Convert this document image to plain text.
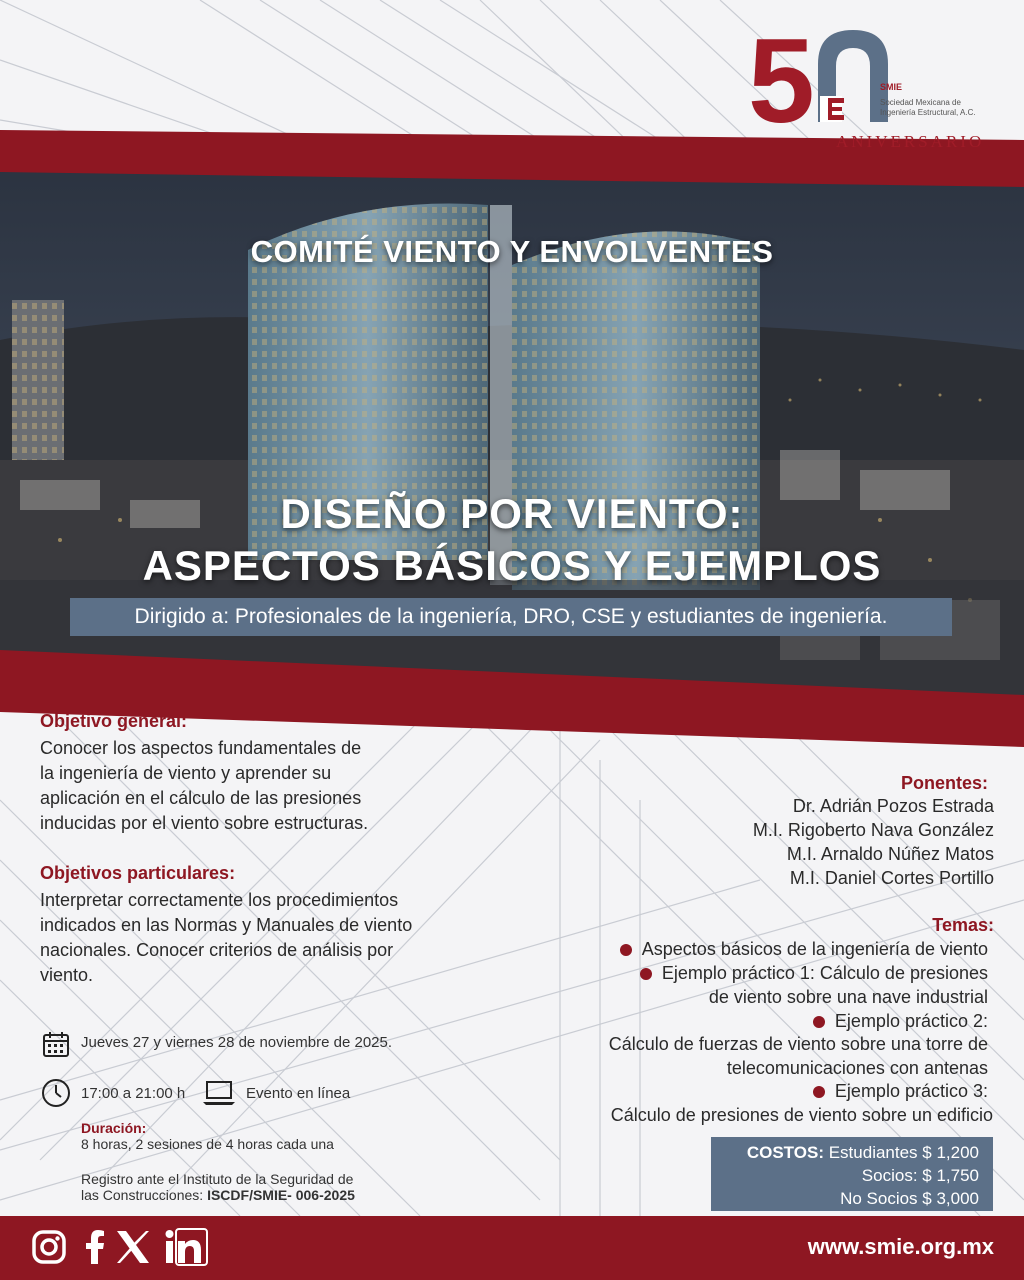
5	SMIE
Sociedad Mexicana de
Ingeniería Estructural, A.C.
ANIVERSARIO
COMITÉ VIENTO Y ENVOLVENTES
DISEÑO POR VIENTO:
ASPECTOS BÁSICOS Y EJEMPLOS
Dirigido a: Profesionales de la ingeniería, DRO, CSE y estudiantes de ingeniería.
Objetivo general:
Conocer los aspectos fundamentales de
la ingeniería de viento y aprender su
aplicación en el cálculo de las presiones
inducidas por el viento sobre estructuras.
Objetivos particulares:
Interpretar correctamente los procedimientos
indicados en las Normas y Manuales de viento
nacionales. Conocer criterios de análisis por
viento.
Jueves 27 y viernes 28 de noviembre de 2025.
17:00 a 21:00 h	Evento en línea
Duración:
8 horas, 2 sesiones de 4 horas cada una
Registro ante el Instituto de la Seguridad de
las Construcciones: ISCDF/SMIE- 006-2025
Ponentes:
Dr. Adrián Pozos Estrada
M.I. Rigoberto Nava González
M.I. Arnaldo Núñez Matos
M.I. Daniel Cortes Portillo
Temas:
Aspectos básicos de la ingeniería de viento
Ejemplo práctico 1: Cálculo de presiones
de viento sobre una nave industrial
Ejemplo práctico 2:
Cálculo de fuerzas de viento sobre una torre de
telecomunicaciones con antenas
Ejemplo práctico 3:
Cálculo de presiones de viento sobre un edificio
COSTOS: Estudiantes $ 1,200
Socios: $ 1,750
No Socios $ 3,000
www.smie.org.mx
